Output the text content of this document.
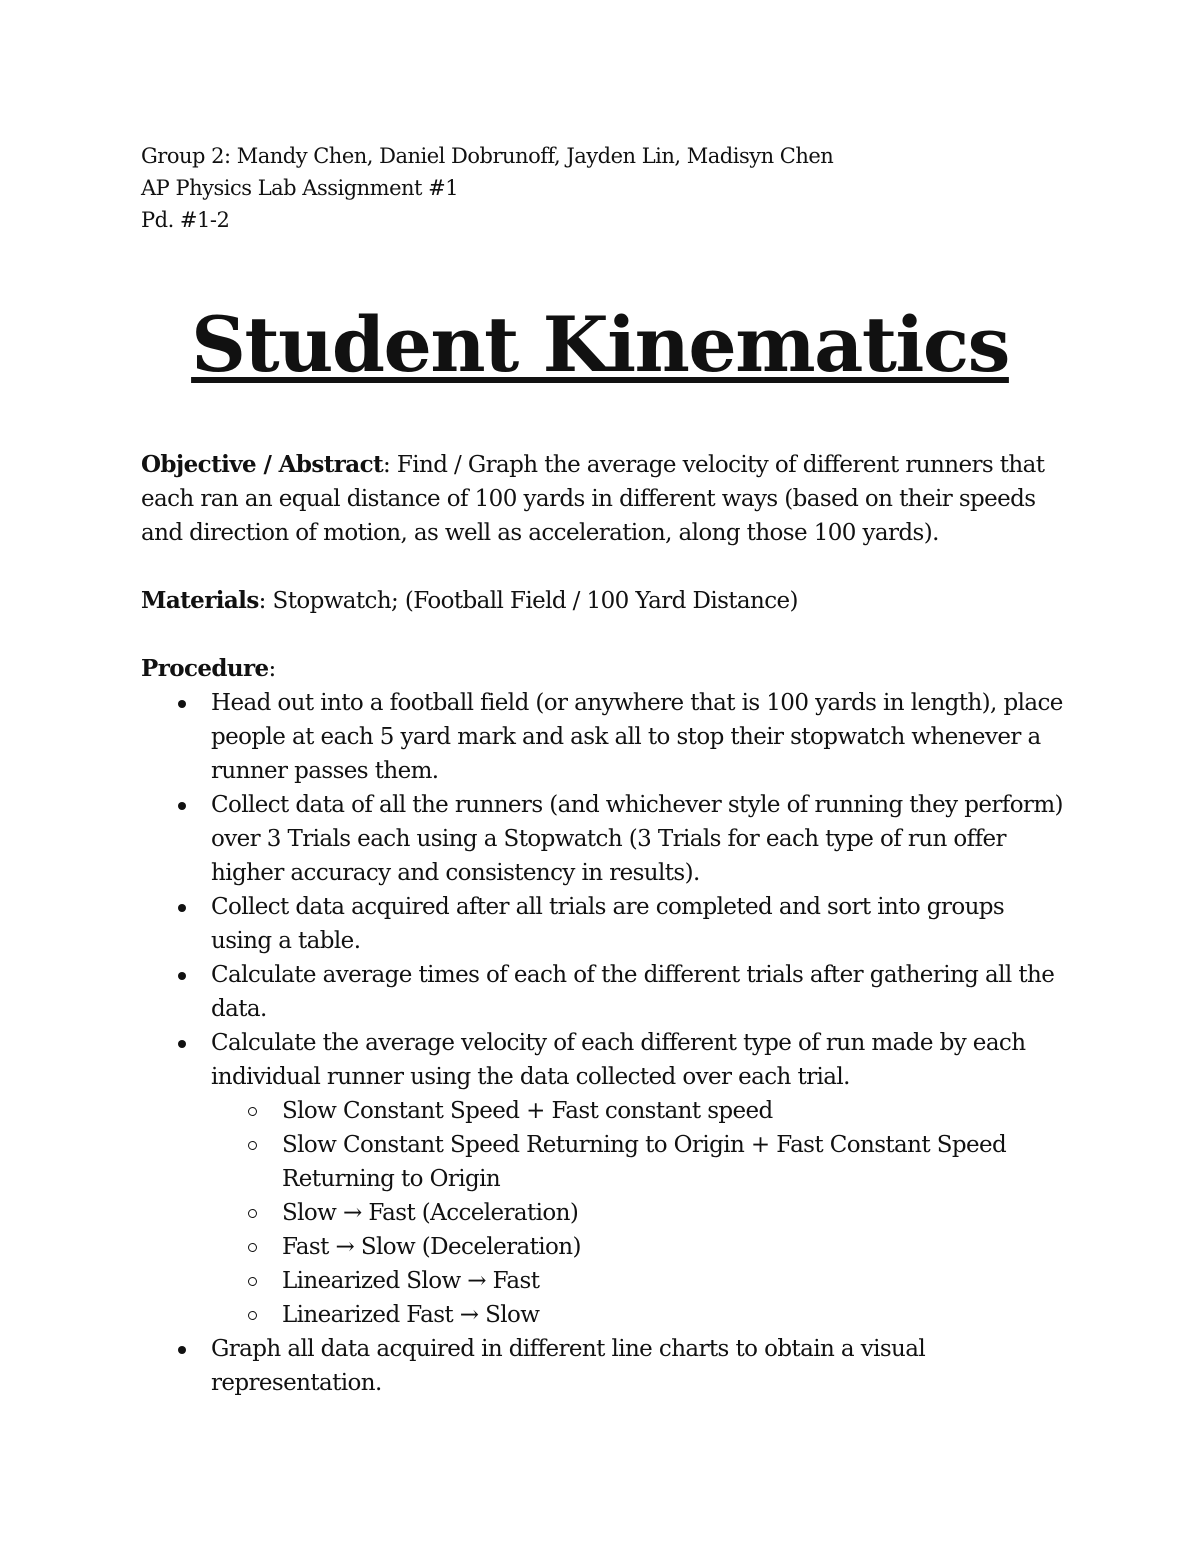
Group 2: Mandy Chen, Daniel Dobrunoff, Jayden Lin, Madisyn Chen
AP Physics Lab Assignment #1
Pd. #1-2
Student Kinematics

Objective / Abstract: Find / Graph the average velocity of different runners that each ran an equal distance of 100 yards in different ways (based on their speeds and direction of motion, as well as acceleration, along those 100 yards).

Materials: Stopwatch; (Football Field / 100 Yard Distance)

Procedure:

Head out into a football field (or anywhere that is 100 yards in length), place people at each 5 yard mark and ask all to stop their stopwatch whenever a runner passes them.
Collect data of all the runners (and whichever style of running they perform) over 3 Trials each using a Stopwatch (3 Trials for each type of run offer higher accuracy and consistency in results).
Collect data acquired after all trials are completed and sort into groups using a table.
Calculate average times of each of the different trials after gathering all the data.
Calculate the average velocity of each different type of run made by each individual runner using the data collected over each trial.
Slow Constant Speed + Fast constant speed
Slow Constant Speed Returning to Origin + Fast Constant Speed Returning to Origin
Slow → Fast (Acceleration)
Fast → Slow (Deceleration)
Linearized Slow → Fast
Linearized Fast → Slow
Graph all data acquired in different line charts to obtain a visual representation.
